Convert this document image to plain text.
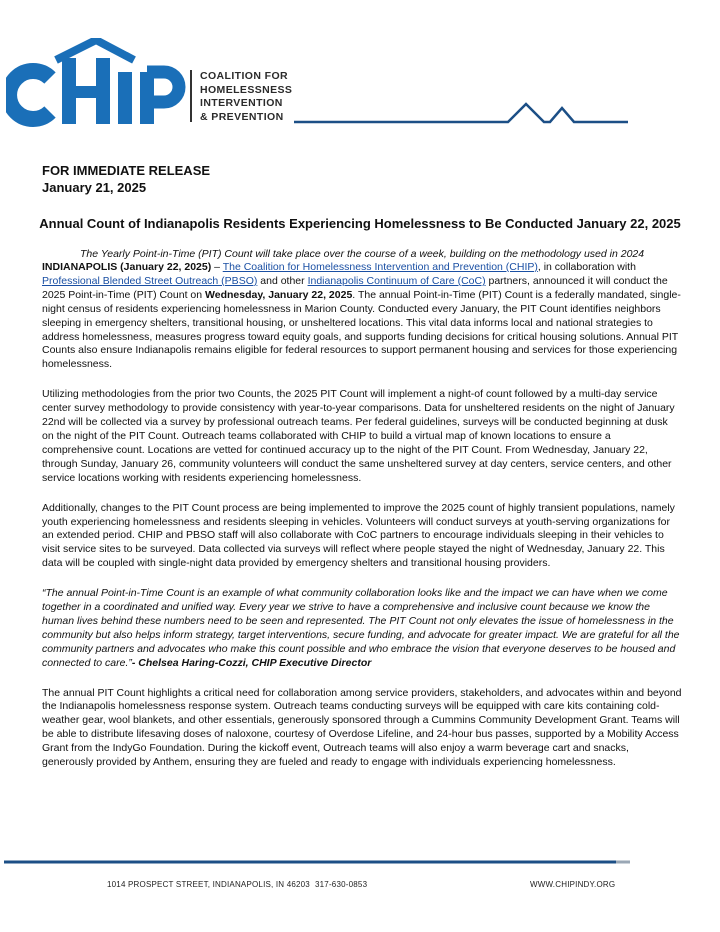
COALITION FOR
HOMELESSNESS
INTERVENTION
& PREVENTION
FOR IMMEDIATE RELEASE
January 21, 2025
Annual Count of Indianapolis Residents Experiencing Homelessness to Be Conducted January 22, 2025
The Yearly Point-in-Time (PIT) Count will take place over the course of a week, building on the methodology used in 2024

INDIANAPOLIS (January 22, 2025) – The Coalition for Homelessness Intervention and Prevention (CHIP), in collaboration with Professional Blended Street Outreach (PBSO) and other Indianapolis Continuum of Care (CoC) partners, announced it will conduct the 2025 Point-in-Time (PIT) Count on Wednesday, January 22, 2025. The annual Point-in-Time (PIT) Count is a federally mandated, single-night census of residents experiencing homelessness in Marion County. Conducted every January, the PIT Count identifies neighbors sleeping in emergency shelters, transitional housing, or unsheltered locations. This vital data informs local and national strategies to address homelessness, measures progress toward equity goals, and supports funding decisions for critical housing solutions. Annual PIT Counts also ensure Indianapolis remains eligible for federal resources to support permanent housing and services for those experiencing homelessness.

Utilizing methodologies from the prior two Counts, the 2025 PIT Count will implement a night-of count followed by a multi-day service center survey methodology to provide consistency with year-to-year comparisons. Data for unsheltered residents on the night of January 22nd will be collected via a survey by professional outreach teams. Per federal guidelines, surveys will be conducted beginning at dusk on the night of the PIT Count. Outreach teams collaborated with CHIP to build a virtual map of known locations to ensure a comprehensive count. Locations are vetted for continued accuracy up to the night of the PIT Count. From Wednesday, January 22, through Sunday, January 26, community volunteers will conduct the same unsheltered survey at day centers, service centers, and other service locations working with residents experiencing homelessness.

Additionally, changes to the PIT Count process are being implemented to improve the 2025 count of highly transient populations, namely youth experiencing homelessness and residents sleeping in vehicles. Volunteers will conduct surveys at youth-serving organizations for an extended period. CHIP and PBSO staff will also collaborate with CoC partners to encourage individuals sleeping in their vehicles to visit service sites to be surveyed. Data collected via surveys will reflect where people stayed the night of Wednesday, January 22. This data will be coupled with single-night data provided by emergency shelters and transitional housing providers.

“The annual Point-in-Time Count is an example of what community collaboration looks like and the impact we can have when we come together in a coordinated and unified way. Every year we strive to have a comprehensive and inclusive count because we know the human lives behind these numbers need to be seen and represented. The PIT Count not only elevates the issue of homelessness in the community but also helps inform strategy, target interventions, secure funding, and advocate for greater impact. We are grateful for all the community partners and advocates who make this count possible and who embrace the vision that everyone deserves to be housed and connected to care.”- Chelsea Haring-Cozzi, CHIP Executive Director

The annual PIT Count highlights a critical need for collaboration among service providers, stakeholders, and advocates within and beyond the Indianapolis homelessness response system. Outreach teams conducting surveys will be equipped with care kits containing cold-weather gear, wool blankets, and other essentials, generously sponsored through a Cummins Community Development Grant. Teams will be able to distribute lifesaving doses of naloxone, courtesy of Overdose Lifeline, and 24-hour bus passes, supported by a Mobility Access Grant from the IndyGo Foundation. During the kickoff event, Outreach teams will also enjoy a warm beverage cart and snacks, generously provided by Anthem, ensuring they are fueled and ready to engage with individuals experiencing homelessness.

1014 PROSPECT STREET, INDIANAPOLIS, IN 46203 317-630-0853	WWW.CHIPINDY.ORG
